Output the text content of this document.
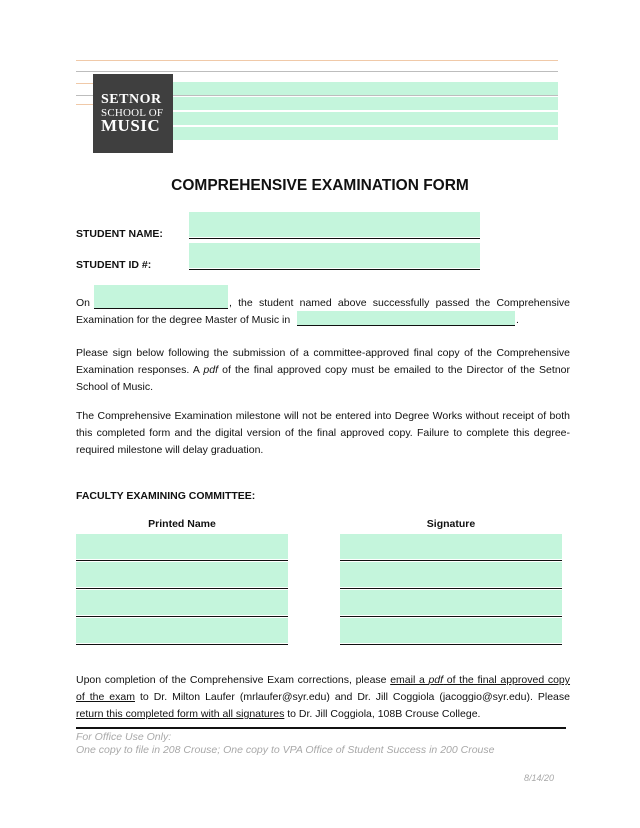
SETNOR
SCHOOL OF
MUSIC
COMPREHENSIVE EXAMINATION FORM
STUDENT NAME:
STUDENT ID #:
On	, the student named above successfully passed the Comprehensive
Examination for the degree Master of Music in	.
Please sign below following the submission of a committee-approved final copy of the Comprehensive Examination responses. A pdf of the final approved copy must be emailed to the Director of the Setnor School of Music.
The Comprehensive Examination milestone will not be entered into Degree Works without receipt of both this completed form and the digital version of the final approved copy. Failure to complete this degree-required milestone will delay graduation.
FACULTY EXAMINING COMMITTEE:
Printed Name	Signature
Upon completion of the Comprehensive Exam corrections, please email a pdf of the final approved copy of the exam to Dr. Milton Laufer (mrlaufer@syr.edu) and Dr. Jill Coggiola (jacoggio@syr.edu). Please return this completed form with all signatures to Dr. Jill Coggiola, 108B Crouse College.
For Office Use Only:
One copy to file in 208 Crouse; One copy to VPA Office of Student Success in 200 Crouse
8/14/20
